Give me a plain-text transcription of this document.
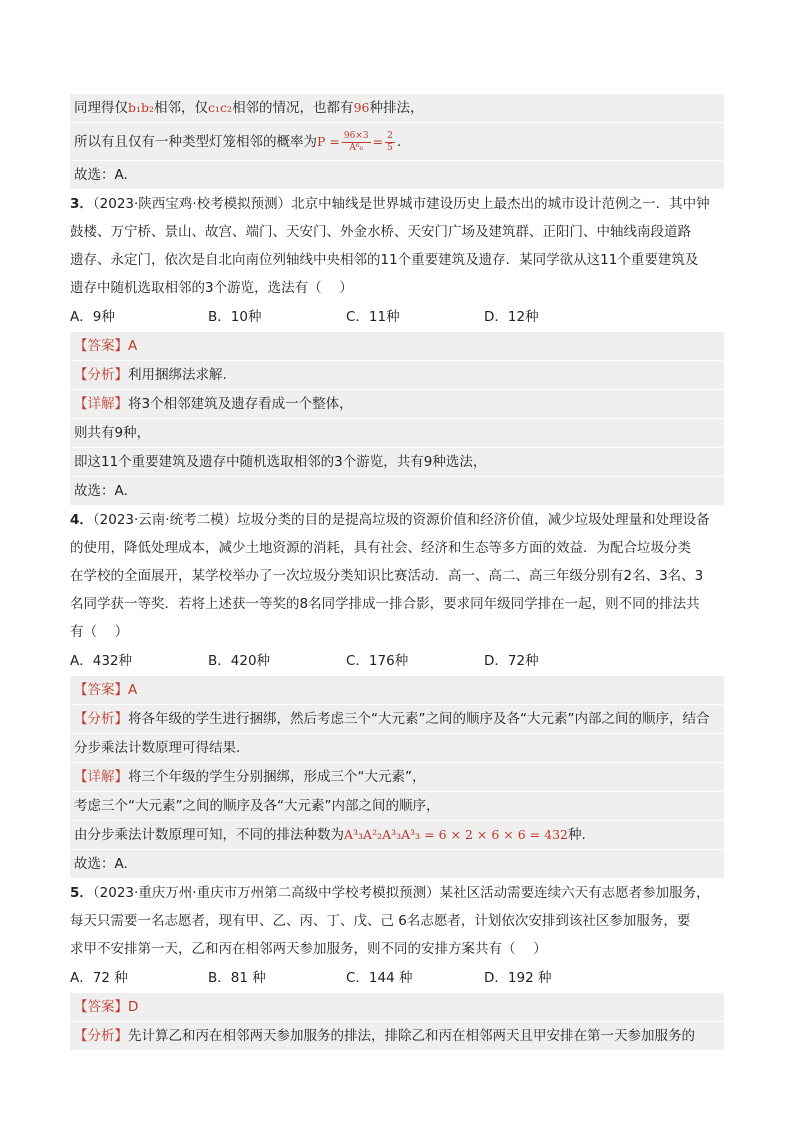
同理得仅b₁b₂相邻，仅c₁c₂相邻的情况，也都有96种排法，
所以有且仅有一种类型灯笼相邻的概率为$P = \frac{96\times 3}{\text{A⁶₆}} = \frac{2}{5}$ .
故选：A.
3．（2023·陕西宝鸡·校考模拟预测）北京中轴线是世界城市建设历史上最杰出的城市设计范例之一．其中钟
鼓楼、万宁桥、景山、故宫、端门、天安门、外金水桥、天安门广场及建筑群、正阳门、中轴线南段道路
遗存、永定门，依次是自北向南位列轴线中央相邻的11个重要建筑及遗存．某同学欲从这11个重要建筑及
遗存中随机选取相邻的3个游览，选法有（　 ）
A．9种	B．10种	C．11种	D．12种
【答案】A
【分析】利用捆绑法求解.
【详解】将3个相邻建筑及遗存看成一个整体，
则共有9种，
即这11个重要建筑及遗存中随机选取相邻的3个游览，共有9种选法，
故选：A.
4．（2023·云南·统考二模）垃圾分类的目的是提高垃圾的资源价值和经济价值，减少垃圾处理量和处理设备
的使用，降低处理成本，减少土地资源的消耗，具有社会、经济和生态等多方面的效益．为配合垃圾分类
在学校的全面展开，某学校举办了一次垃圾分类知识比赛活动．高一、高二、高三年级分别有2名、3名、3
名同学获一等奖．若将上述获一等奖的8名同学排成一排合影，要求同年级同学排在一起，则不同的排法共
有（　 ）
A．432种	B．420种	C．176种	D．72种
【答案】A
【分析】将各年级的学生进行捆绑，然后考虑三个“大元素”之间的顺序及各“大元素”内部之间的顺序，结合
分步乘法计数原理可得结果.
【详解】将三个年级的学生分别捆绑，形成三个“大元素”，
考虑三个“大元素”之间的顺序及各“大元素”内部之间的顺序，
由分步乘法计数原理可知，不同的排法种数为A³₃A²₂A³₃A³₃ = 6 × 2 × 6 × 6 = 432种.
故选：A.
5．（2023·重庆万州·重庆市万州第二高级中学校考模拟预测）某社区活动需要连续六天有志愿者参加服务，
每天只需要一名志愿者，现有甲、乙、丙、丁、戊、己 6名志愿者，计划依次安排到该社区参加服务，要
求甲不安排第一天，乙和丙在相邻两天参加服务，则不同的安排方案共有（　 ）
A．72 种	B．81 种	C．144 种	D．192 种
【答案】D
【分析】先计算乙和丙在相邻两天参加服务的排法，排除乙和丙在相邻两天且甲安排在第一天参加服务的
